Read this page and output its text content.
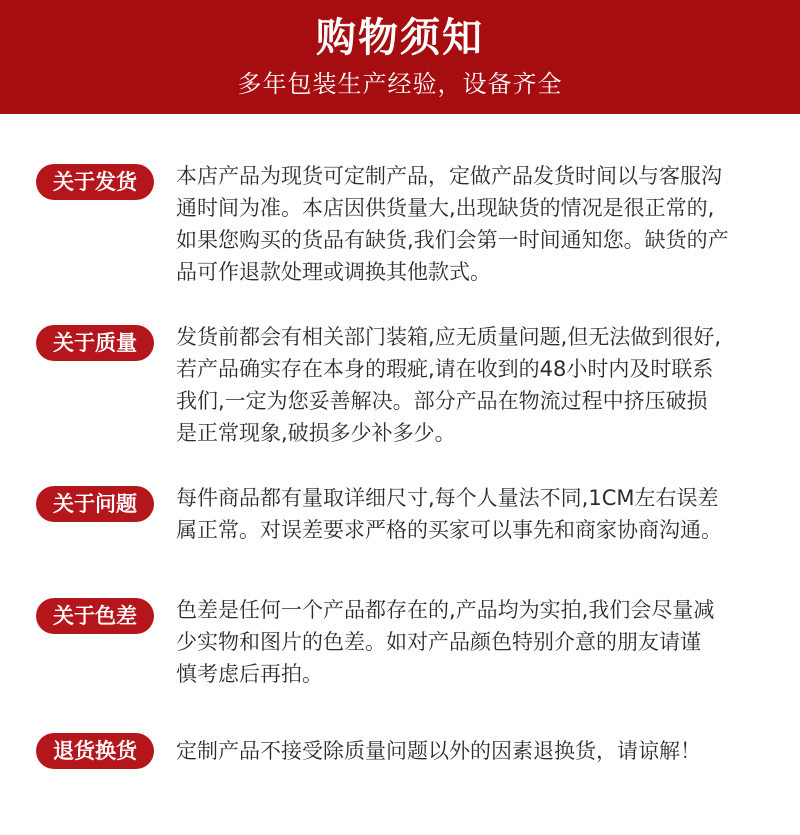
购物须知
多年包装生产经验，设备齐全
关于发货	本店产品为现货可定制产品，定做产品发货时间以与客服沟
通时间为准。本店因供货量大,出现缺货的情况是很正常的,
如果您购买的货品有缺货,我们会第一时间通知您。缺货的产
品可作退款处理或调换其他款式。
关于质量	发货前都会有相关部门装箱,应无质量问题,但无法做到很好,
若产品确实存在本身的瑕疵,请在收到的48小时内及时联系
我们,一定为您妥善解决。部分产品在物流过程中挤压破损
是正常现象,破损多少补多少。
关于问题	每件商品都有量取详细尺寸,每个人量法不同,1CM左右误差
属正常。对误差要求严格的买家可以事先和商家协商沟通。
关于色差	色差是任何一个产品都存在的,产品均为实拍,我们会尽量减
少实物和图片的色差。如对产品颜色特别介意的朋友请谨
慎考虑后再拍。
退货换货	定制产品不接受除质量问题以外的因素退换货，请谅解！
